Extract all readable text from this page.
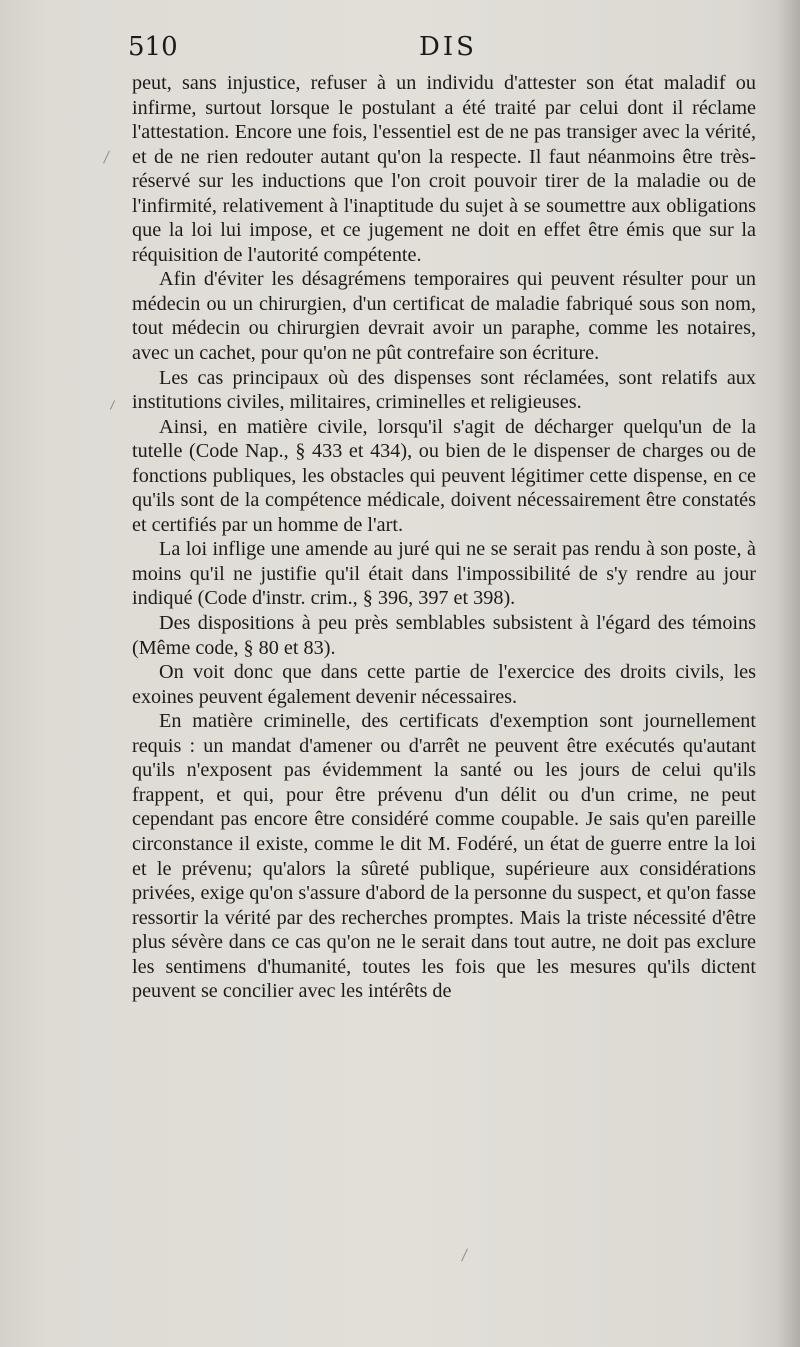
510	DIS

peut, sans injustice, refuser à un individu d'attester son état maladif ou infirme, surtout lorsque le postulant a été traité par celui dont il réclame l'attestation. Encore une fois, l'essentiel est de ne pas transiger avec la vérité, et de ne rien redouter autant qu'on la respecte. Il faut néanmoins être très-réservé sur les inductions que l'on croit pouvoir tirer de la maladie ou de l'infirmité, relativement à l'inaptitude du sujet à se soumettre aux obligations que la loi lui impose, et ce jugement ne doit en effet être émis que sur la réquisition de l'autorité compétente.

Afin d'éviter les désagrémens temporaires qui peuvent résulter pour un médecin ou un chirurgien, d'un certificat de maladie fabriqué sous son nom, tout médecin ou chirurgien devrait avoir un paraphe, comme les notaires, avec un cachet, pour qu'on ne pût contrefaire son écriture.

Les cas principaux où des dispenses sont réclamées, sont relatifs aux institutions civiles, militaires, criminelles et religieuses.

Ainsi, en matière civile, lorsqu'il s'agit de décharger quelqu'un de la tutelle (Code Nap., § 433 et 434), ou bien de le dispenser de charges ou de fonctions publiques, les obstacles qui peuvent légitimer cette dispense, en ce qu'ils sont de la compétence médicale, doivent nécessairement être constatés et certifiés par un homme de l'art.

La loi inflige une amende au juré qui ne se serait pas rendu à son poste, à moins qu'il ne justifie qu'il était dans l'impossibilité de s'y rendre au jour indiqué (Code d'instr. crim., § 396, 397 et 398).

Des dispositions à peu près semblables subsistent à l'égard des témoins (Même code, § 80 et 83).

On voit donc que dans cette partie de l'exercice des droits civils, les exoines peuvent également devenir nécessaires.

En matière criminelle, des certificats d'exemption sont journellement requis : un mandat d'amener ou d'arrêt ne peuvent être exécutés qu'autant qu'ils n'exposent pas évidemment la santé ou les jours de celui qu'ils frappent, et qui, pour être prévenu d'un délit ou d'un crime, ne peut cependant pas encore être considéré comme coupable. Je sais qu'en pareille circonstance il existe, comme le dit M. Fodéré, un état de guerre entre la loi et le prévenu; qu'alors la sûreté publique, supérieure aux considérations privées, exige qu'on s'assure d'abord de la personne du suspect, et qu'on fasse ressortir la vérité par des recherches promptes. Mais la triste nécessité d'être plus sévère dans ce cas qu'on ne le serait dans tout autre, ne doit pas exclure les sentimens d'humanité, toutes les fois que les mesures qu'ils dictent peuvent se concilier avec les intérêts de
